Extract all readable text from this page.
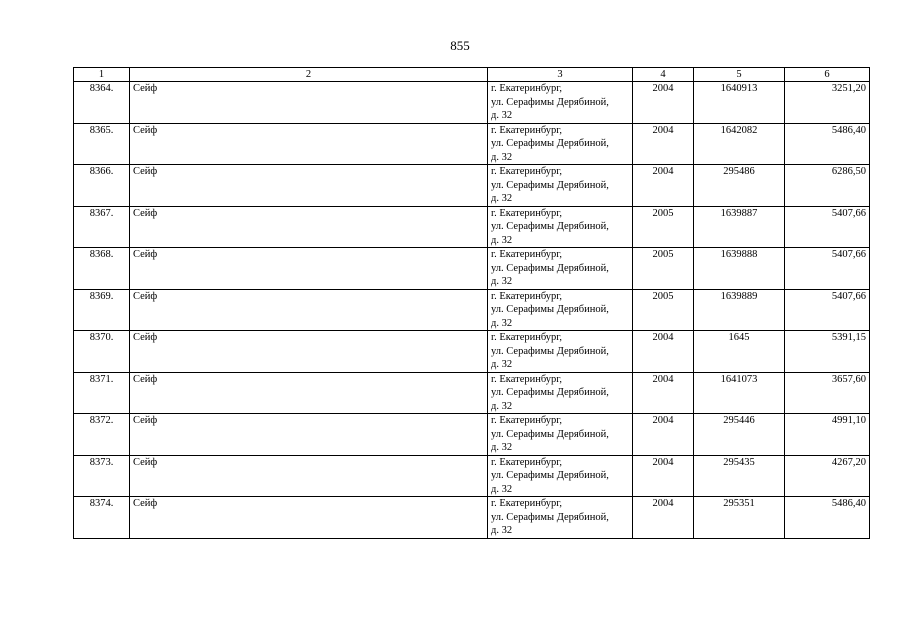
855
1	2	3	4	5	6
8364.	Сейф	г. Екатеринбург,
ул. Серафимы Дерябиной,
д. 32	2004	1640913	3251,20
8365.	Сейф	г. Екатеринбург,
ул. Серафимы Дерябиной,
д. 32	2004	1642082	5486,40
8366.	Сейф	г. Екатеринбург,
ул. Серафимы Дерябиной,
д. 32	2004	295486	6286,50
8367.	Сейф	г. Екатеринбург,
ул. Серафимы Дерябиной,
д. 32	2005	1639887	5407,66
8368.	Сейф	г. Екатеринбург,
ул. Серафимы Дерябиной,
д. 32	2005	1639888	5407,66
8369.	Сейф	г. Екатеринбург,
ул. Серафимы Дерябиной,
д. 32	2005	1639889	5407,66
8370.	Сейф	г. Екатеринбург,
ул. Серафимы Дерябиной,
д. 32	2004	1645	5391,15
8371.	Сейф	г. Екатеринбург,
ул. Серафимы Дерябиной,
д. 32	2004	1641073	3657,60
8372.	Сейф	г. Екатеринбург,
ул. Серафимы Дерябиной,
д. 32	2004	295446	4991,10
8373.	Сейф	г. Екатеринбург,
ул. Серафимы Дерябиной,
д. 32	2004	295435	4267,20
8374.	Сейф	г. Екатеринбург,
ул. Серафимы Дерябиной,
д. 32	2004	295351	5486,40
